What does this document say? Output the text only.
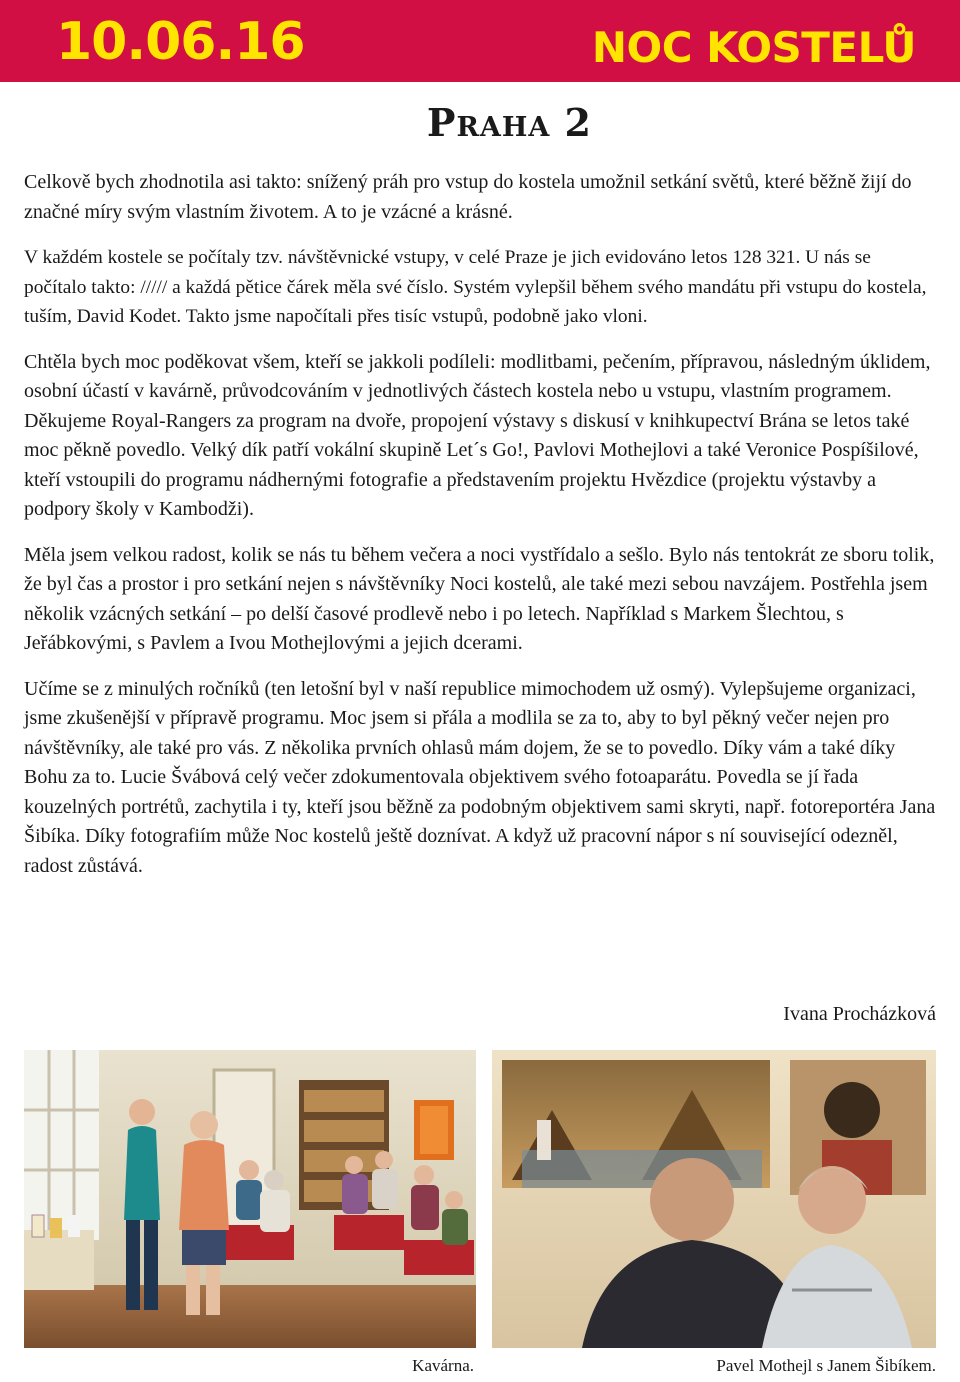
10.06.16	NOC KOSTELŮ
Praha 2

Celkově bych zhodnotila asi takto: snížený práh pro vstup do kostela umožnil setkání světů, které běžně žijí do značné míry svým vlastním životem. A to je vzácné a krásné.

V každém kostele se počítaly tzv. návštěvnické vstupy, v celé Praze je jich evidováno letos 128 321. U nás se počítalo takto: ///// a každá pětice čárek měla své číslo. Systém vylepšil během svého mandátu při vstupu do kostela, tuším, David Kodet. Takto jsme napočítali přes tisíc vstupů, podobně jako vloni.

Chtěla bych moc poděkovat všem, kteří se jakkoli podíleli: modlitbami, pečením, přípravou, následným úklidem, osobní účastí v kavárně, průvodcováním v jednotlivých částech kostela nebo u vstupu, vlastním programem. Děkujeme Royal-Rangers za program na dvoře, propojení výstavy s diskusí v knihkupectví Brána se letos také moc pěkně povedlo. Velký dík patří vokální skupině Let´s Go!, Pavlovi Mothejlovi a také Veronice Pospíšilové, kteří vstoupili do programu nádhernými fotografie a představením projektu Hvězdice (projektu výstavby a podpory školy v Kambodži).

Měla jsem velkou radost, kolik se nás tu během večera a noci vystřídalo a sešlo. Bylo nás tentokrát ze sboru tolik, že byl čas a prostor i pro setkání nejen s návštěvníky Noci kostelů, ale také mezi sebou navzájem. Postřehla jsem několik vzácných setkání – po delší časové prodlevě nebo i po letech. Například s Markem Šlechtou, s Jeřábkovými, s Pavlem a Ivou Mothejlovými a jejich dcerami.

Učíme se z minulých ročníků (ten letošní byl v naší republice mimochodem už osmý). Vylepšujeme organizaci, jsme zkušenější v přípravě programu. Moc jsem si přála a modlila se za to, aby to byl pěkný večer nejen pro návštěvníky, ale také pro vás. Z několika prvních ohlasů mám dojem, že se to povedlo. Díky vám a také díky Bohu za to. Lucie Švábová celý večer zdokumentovala objektivem svého fotoaparátu. Povedla se jí řada kouzelných portrétů, zachytila i ty, kteří jsou běžně za podobným objektivem sami skryti, např. fotoreportéra Jana Šibíka. Díky fotografiím může Noc kostelů ještě doznívat. A když už pracovní nápor s ní související odezněl, radost zůstává.

Ivana Procházková
Kavárna.	Pavel Mothejl s Janem Šibíkem.
